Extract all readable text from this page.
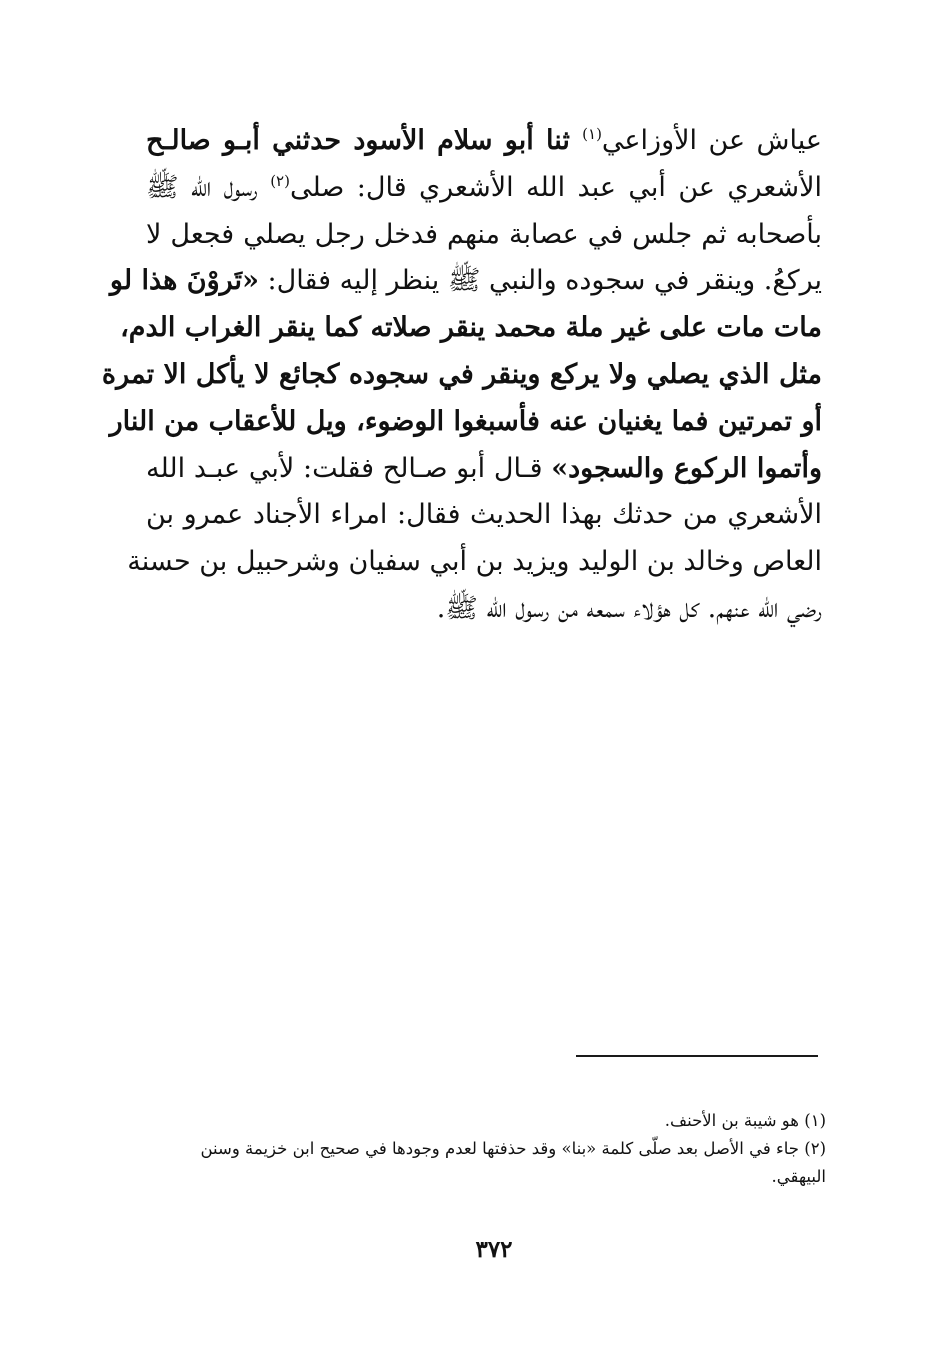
عياش عن الأوزاعي$^{(١)}$ ثنا أبو سلام الأسود حدثني أبـو صالـح
الأشعري عن أبي عبد الله الأشعري قال: صلى$^{(٢)}$ رسول الله ﷺ
بأصحابه ثم جلس في عصابة منهم فدخل رجل يصلي فجعل لا
يركعُ. وينقر في سجوده والنبي ﷺ ينظر إليه فقال: «تَروْنَ هذا لو
مات مات على غير ملة محمد ينقر صلاته كما ينقر الغراب الدم،
مثل الذي يصلي ولا يركع وينقر في سجوده كجائع لا يأكل الا تمرة
أو تمرتين فما يغنيان عنه فأسبغوا الوضوء، ويل للأعقاب من النار
وأتموا الركوع والسجود» قـال أبو صـالح فقلت: لأبي عبـد الله
الأشعري من حدثك بهذا الحديث فقال: امراء الأجناد عمرو بن
العاص وخالد بن الوليد ويزيد بن أبي سفيان وشرحبيل بن حسنة
رضي الله عنهم. كل هؤلاء سمعه من رسول الله ﷺ.
(١) هو شيبة بن الأحنف.
(٢) جاء في الأصل بعد صلّى كلمة «بنا» وقد حذفتها لعدم وجودها في صحيح ابن خزيمة وسنن
البيهقي.
٣٧٢
